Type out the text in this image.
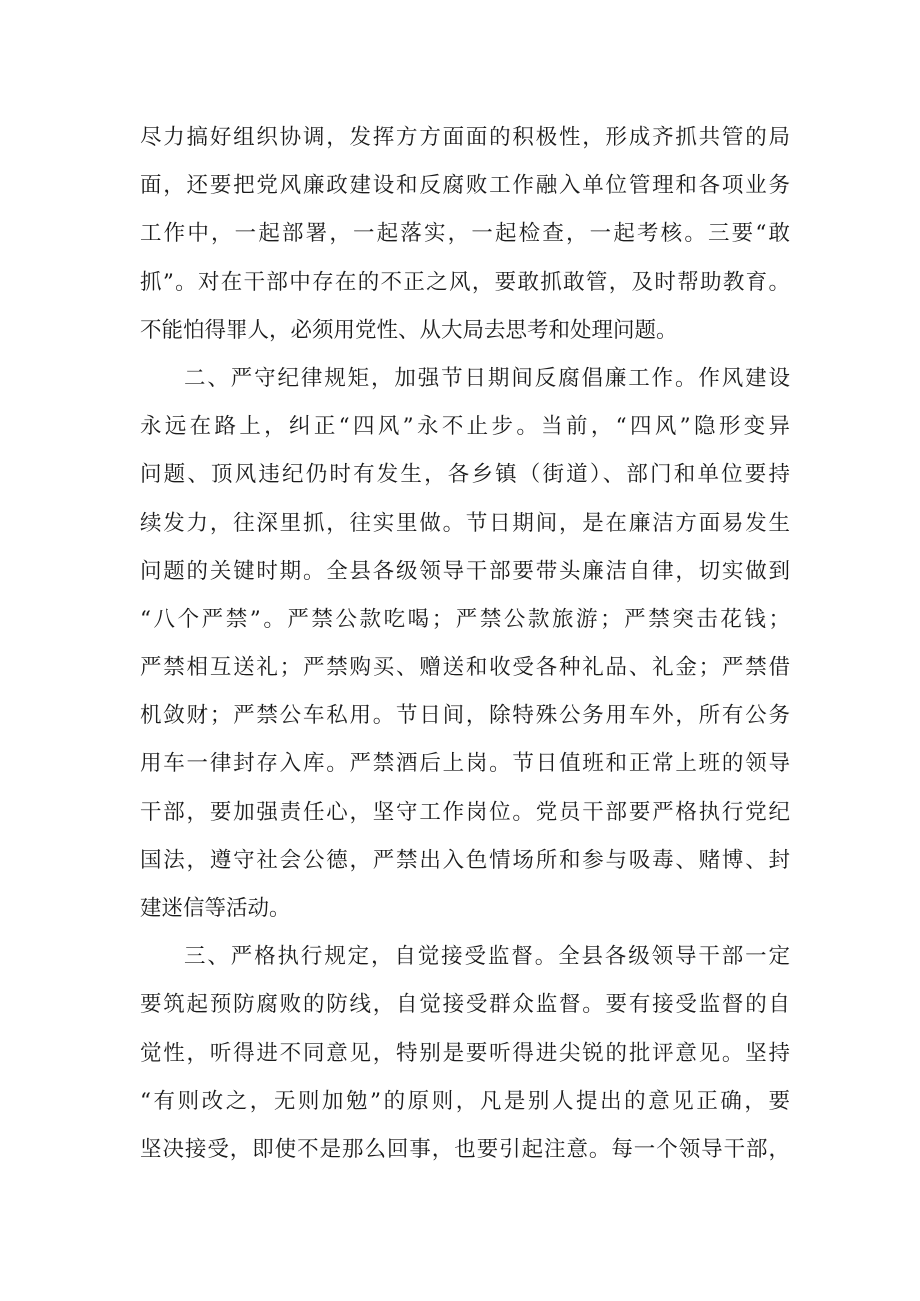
尽力搞好组织协调，发挥方方面面的积极性，形成齐抓共管的局
面，还要把党风廉政建设和反腐败工作融入单位管理和各项业务
工作中，一起部署，一起落实，一起检查，一起考核。三要“敢
抓”。对在干部中存在的不正之风，要敢抓敢管，及时帮助教育。
不能怕得罪人，必须用党性、从大局去思考和处理问题。
二、严守纪律规矩，加强节日期间反腐倡廉工作。作风建设
永远在路上，纠正“四风”永不止步。当前，“四风”隐形变异
问题、顶风违纪仍时有发生，各乡镇（街道）、部门和单位要持
续发力，往深里抓，往实里做。节日期间，是在廉洁方面易发生
问题的关键时期。全县各级领导干部要带头廉洁自律，切实做到
“八个严禁”。严禁公款吃喝；严禁公款旅游；严禁突击花钱；
严禁相互送礼；严禁购买、赠送和收受各种礼品、礼金；严禁借
机敛财；严禁公车私用。节日间，除特殊公务用车外，所有公务
用车一律封存入库。严禁酒后上岗。节日值班和正常上班的领导
干部，要加强责任心，坚守工作岗位。党员干部要严格执行党纪
国法，遵守社会公德，严禁出入色情场所和参与吸毒、赌博、封
建迷信等活动。
三、严格执行规定，自觉接受监督。全县各级领导干部一定
要筑起预防腐败的防线，自觉接受群众监督。要有接受监督的自
觉性，听得进不同意见，特别是要听得进尖锐的批评意见。坚持
“有则改之，无则加勉”的原则，凡是别人提出的意见正确，要
坚决接受，即使不是那么回事，也要引起注意。每一个领导干部，
